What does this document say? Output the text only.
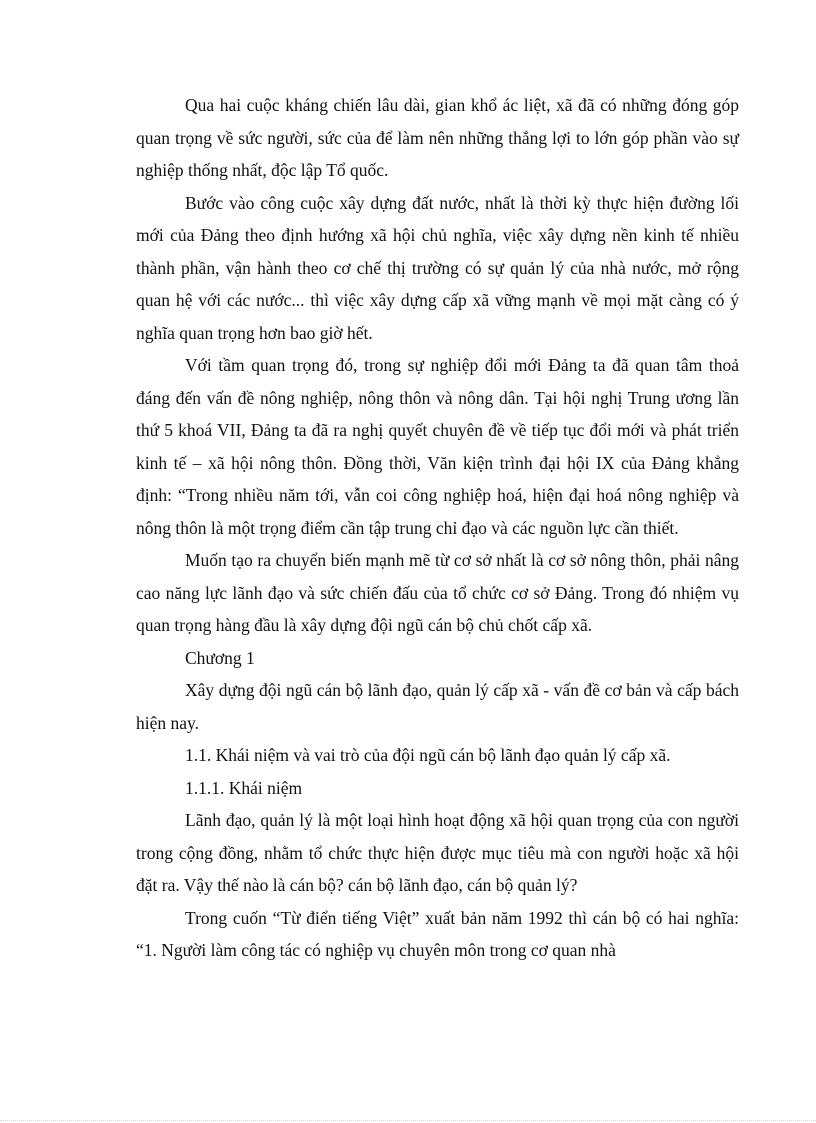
Qua hai cuộc kháng chiến lâu dài, gian khổ ác liệt, xã đã có những đóng góp quan trọng về sức người, sức của để làm nên những thắng lợi to lớn góp phần vào sự nghiệp thống nhất, độc lập Tổ quốc.

Bước vào công cuộc xây dựng đất nước, nhất là thời kỳ thực hiện đường lối mới của Đảng theo định hướng xã hội chủ nghĩa, việc xây dựng nền kinh tế nhiều thành phần, vận hành theo cơ chế thị trường có sự quản lý của nhà nước, mở rộng quan hệ với các nước... thì việc xây dựng cấp xã vững mạnh về mọi mặt càng có ý nghĩa quan trọng hơn bao giờ hết.

Với tầm quan trọng đó, trong sự nghiệp đổi mới Đảng ta đã quan tâm thoả đáng đến vấn đề nông nghiệp, nông thôn và nông dân. Tại hội nghị Trung ương lần thứ 5 khoá VII, Đảng ta đã ra nghị quyết chuyên đề về tiếp tục đổi mới và phát triển kinh tế – xã hội nông thôn. Đồng thời, Văn kiện trình đại hội IX của Đảng khẳng định: “Trong nhiều năm tới, vẫn coi công nghiệp hoá, hiện đại hoá nông nghiệp và nông thôn là một trọng điểm cần tập trung chỉ đạo và các nguồn lực cần thiết.

Muốn tạo ra chuyển biến mạnh mẽ từ cơ sở nhất là cơ sở nông thôn, phải nâng cao năng lực lãnh đạo và sức chiến đấu của tổ chức cơ sở Đảng. Trong đó nhiệm vụ quan trọng hàng đầu là xây dựng đội ngũ cán bộ chủ chốt cấp xã.

Chương 1

Xây dựng đội ngũ cán bộ lãnh đạo, quản lý cấp xã - vấn đề cơ bản và cấp bách hiện nay.

1.1. Khái niệm và vai trò của đội ngũ cán bộ lãnh đạo quản lý cấp xã.

1.1.1. Khái niệm

Lãnh đạo, quản lý là một loại hình hoạt động xã hội quan trọng của con người trong cộng đồng, nhằm tổ chức thực hiện được mục tiêu mà con người hoặc xã hội đặt ra. Vậy thế nào là cán bộ? cán bộ lãnh đạo, cán bộ quản lý?

Trong cuốn “Từ điển tiếng Việt” xuất bản năm 1992 thì cán bộ có hai nghĩa: “1. Người làm công tác có nghiệp vụ chuyên môn trong cơ quan nhà
